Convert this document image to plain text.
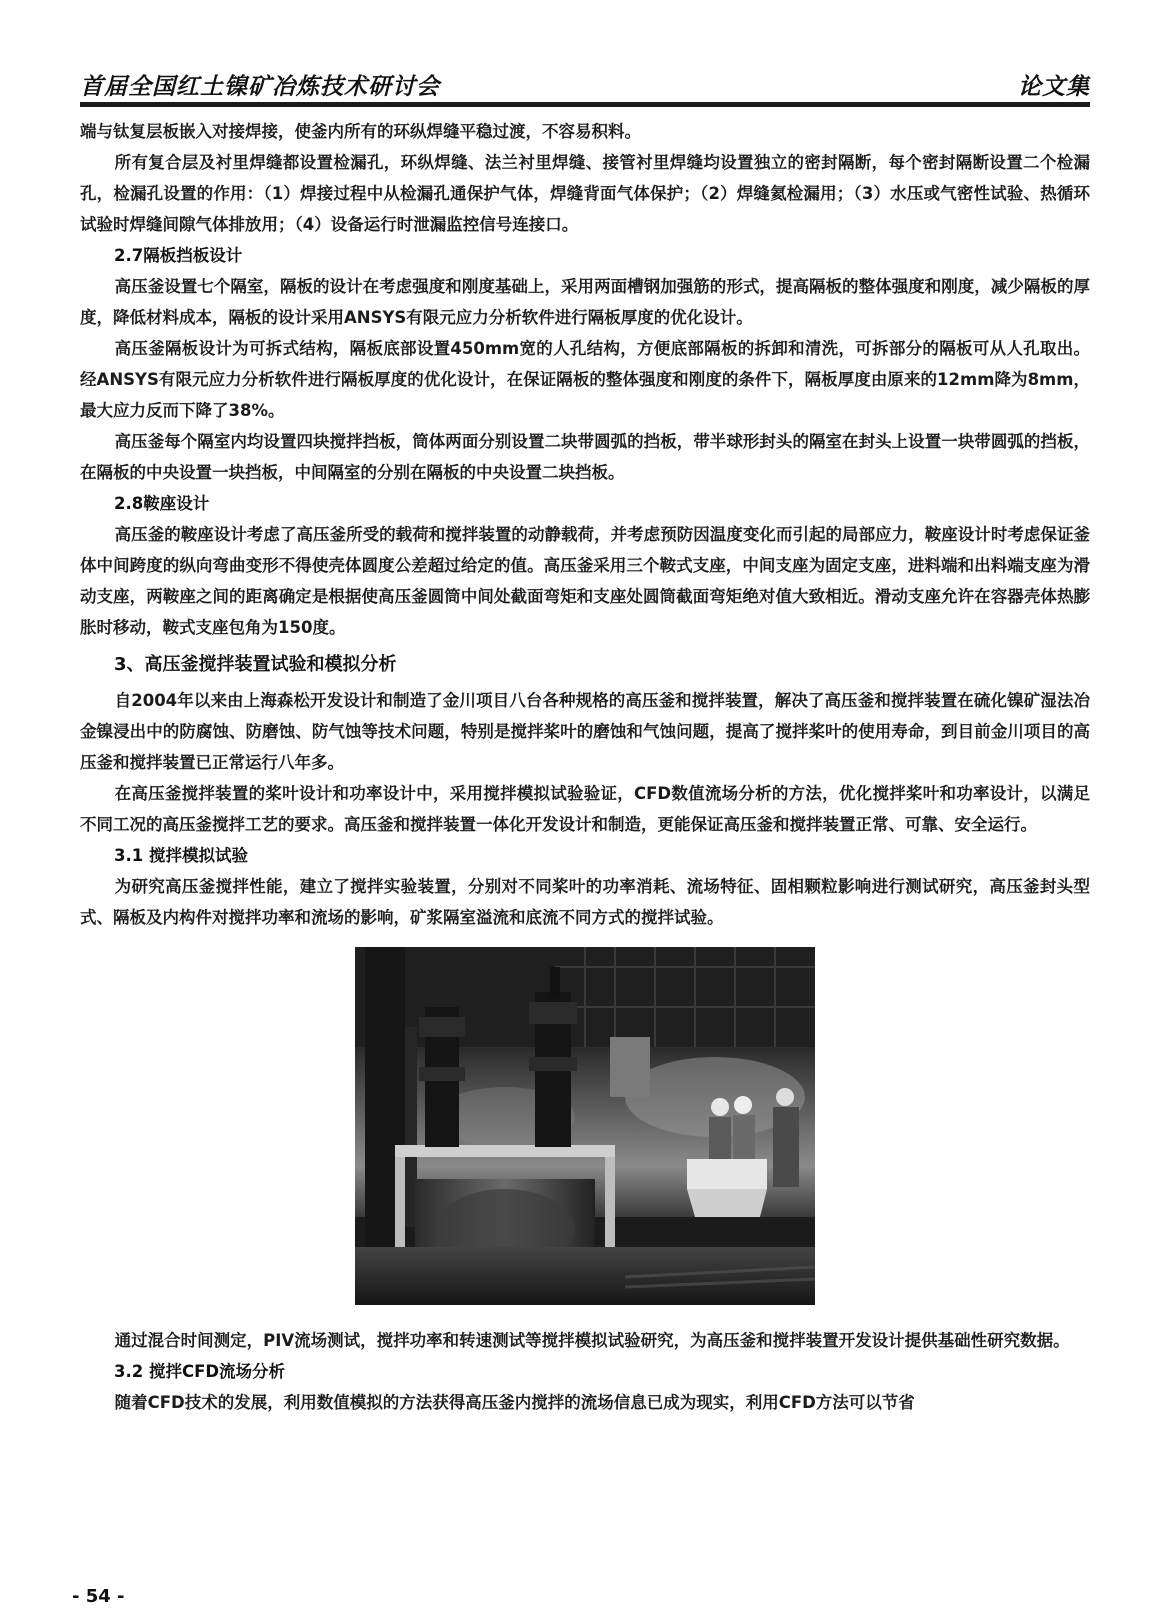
首届全国红土镍矿冶炼技术研讨会	论文集

端与钛复层板嵌入对接焊接，使釜内所有的环纵焊缝平稳过渡，不容易积料。

所有复合层及衬里焊缝都设置检漏孔，环纵焊缝、法兰衬里焊缝、接管衬里焊缝均设置独立的密封隔断，每个密封隔断设置二个检漏孔，检漏孔设置的作用：（1）焊接过程中从检漏孔通保护气体，焊缝背面气体保护；（2）焊缝氦检漏用；（3）水压或气密性试验、热循环试验时焊缝间隙气体排放用；（4）设备运行时泄漏监控信号连接口。

2.7隔板挡板设计

高压釜设置七个隔室，隔板的设计在考虑强度和刚度基础上，采用两面槽钢加强筋的形式，提高隔板的整体强度和刚度，减少隔板的厚度，降低材料成本，隔板的设计采用ANSYS有限元应力分析软件进行隔板厚度的优化设计。

高压釜隔板设计为可拆式结构，隔板底部设置450mm宽的人孔结构，方便底部隔板的拆卸和清洗，可拆部分的隔板可从人孔取出。经ANSYS有限元应力分析软件进行隔板厚度的优化设计，在保证隔板的整体强度和刚度的条件下，隔板厚度由原来的12mm降为8mm，最大应力反而下降了38%。

高压釜每个隔室内均设置四块搅拌挡板，筒体两面分别设置二块带圆弧的挡板，带半球形封头的隔室在封头上设置一块带圆弧的挡板，在隔板的中央设置一块挡板，中间隔室的分别在隔板的中央设置二块挡板。

2.8鞍座设计

高压釜的鞍座设计考虑了高压釜所受的载荷和搅拌装置的动静载荷，并考虑预防因温度变化而引起的局部应力，鞍座设计时考虑保证釜体中间跨度的纵向弯曲变形不得使壳体圆度公差超过给定的值。高压釜采用三个鞍式支座，中间支座为固定支座，进料端和出料端支座为滑动支座，两鞍座之间的距离确定是根据使高压釜圆筒中间处截面弯矩和支座处圆筒截面弯矩绝对值大致相近。滑动支座允许在容器壳体热膨胀时移动，鞍式支座包角为150度。

3、高压釜搅拌装置试验和模拟分析

自2004年以来由上海森松开发设计和制造了金川项目八台各种规格的高压釜和搅拌装置，解决了高压釜和搅拌装置在硫化镍矿湿法冶金镍浸出中的防腐蚀、防磨蚀、防气蚀等技术问题，特别是搅拌桨叶的磨蚀和气蚀问题，提高了搅拌桨叶的使用寿命，到目前金川项目的高压釜和搅拌装置已正常运行八年多。

在高压釜搅拌装置的桨叶设计和功率设计中，采用搅拌模拟试验验证，CFD数值流场分析的方法，优化搅拌桨叶和功率设计，以满足不同工况的高压釜搅拌工艺的要求。高压釜和搅拌装置一体化开发设计和制造，更能保证高压釜和搅拌装置正常、可靠、安全运行。

3.1 搅拌模拟试验

为研究高压釜搅拌性能，建立了搅拌实验装置，分别对不同桨叶的功率消耗、流场特征、固相颗粒影响进行测试研究，高压釜封头型式、隔板及内构件对搅拌功率和流场的影响，矿浆隔室溢流和底流不同方式的搅拌试验。

通过混合时间测定，PIV流场测试，搅拌功率和转速测试等搅拌模拟试验研究，为高压釜和搅拌装置开发设计提供基础性研究数据。

3.2 搅拌CFD流场分析

随着CFD技术的发展，利用数值模拟的方法获得高压釜内搅拌的流场信息已成为现实，利用CFD方法可以节省

- 54 -
